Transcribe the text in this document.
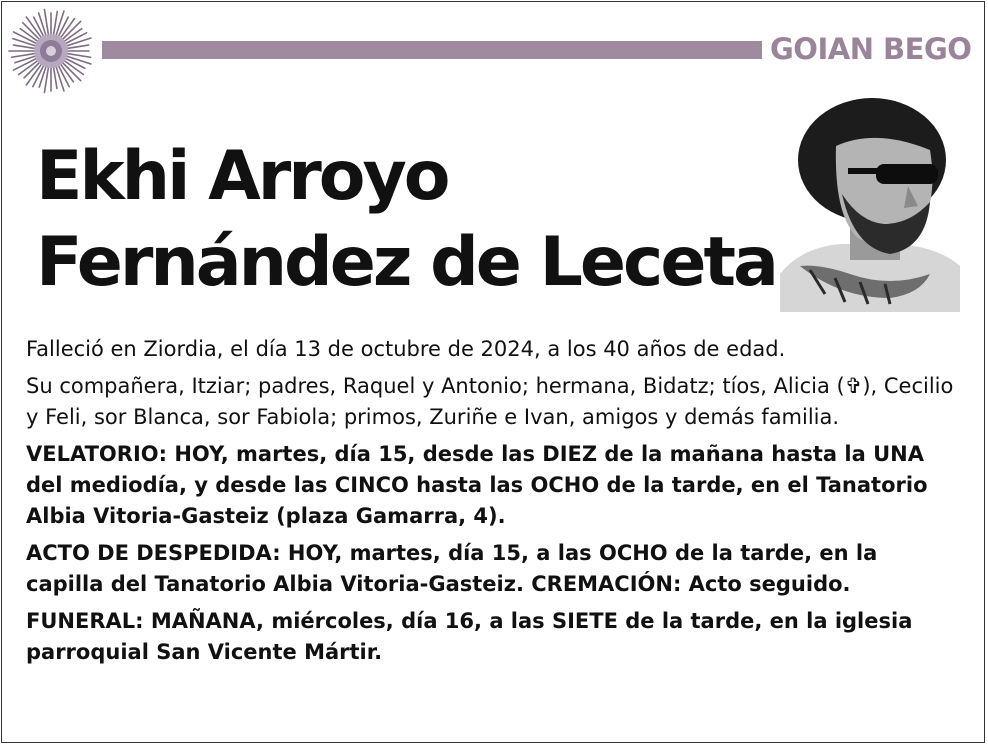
GOIAN BEGO
Ekhi Arroyo
Fernández de Leceta

Falleció en Ziordia, el día 13 de octubre de 2024, a los 40 años de edad.

Su compañera, Itziar; padres, Raquel y Antonio; hermana, Bidatz; tíos, Alicia (✞), Cecilio y Feli, sor Blanca, sor Fabiola; primos, Zuriñe e Ivan, amigos y demás familia.

VELATORIO: HOY, martes, día 15, desde las DIEZ de la mañana hasta la UNA del mediodía, y desde las CINCO hasta las OCHO de la tarde, en el Tanatorio Albia Vitoria-Gasteiz (plaza Gamarra, 4).

ACTO DE DESPEDIDA: HOY, martes, día 15, a las OCHO de la tarde, en la capilla del Tanatorio Albia Vitoria-Gasteiz. CREMACIÓN: Acto seguido.

FUNERAL: MAÑANA, miércoles, día 16, a las SIETE de la tarde, en la iglesia parroquial San Vicente Mártir.
